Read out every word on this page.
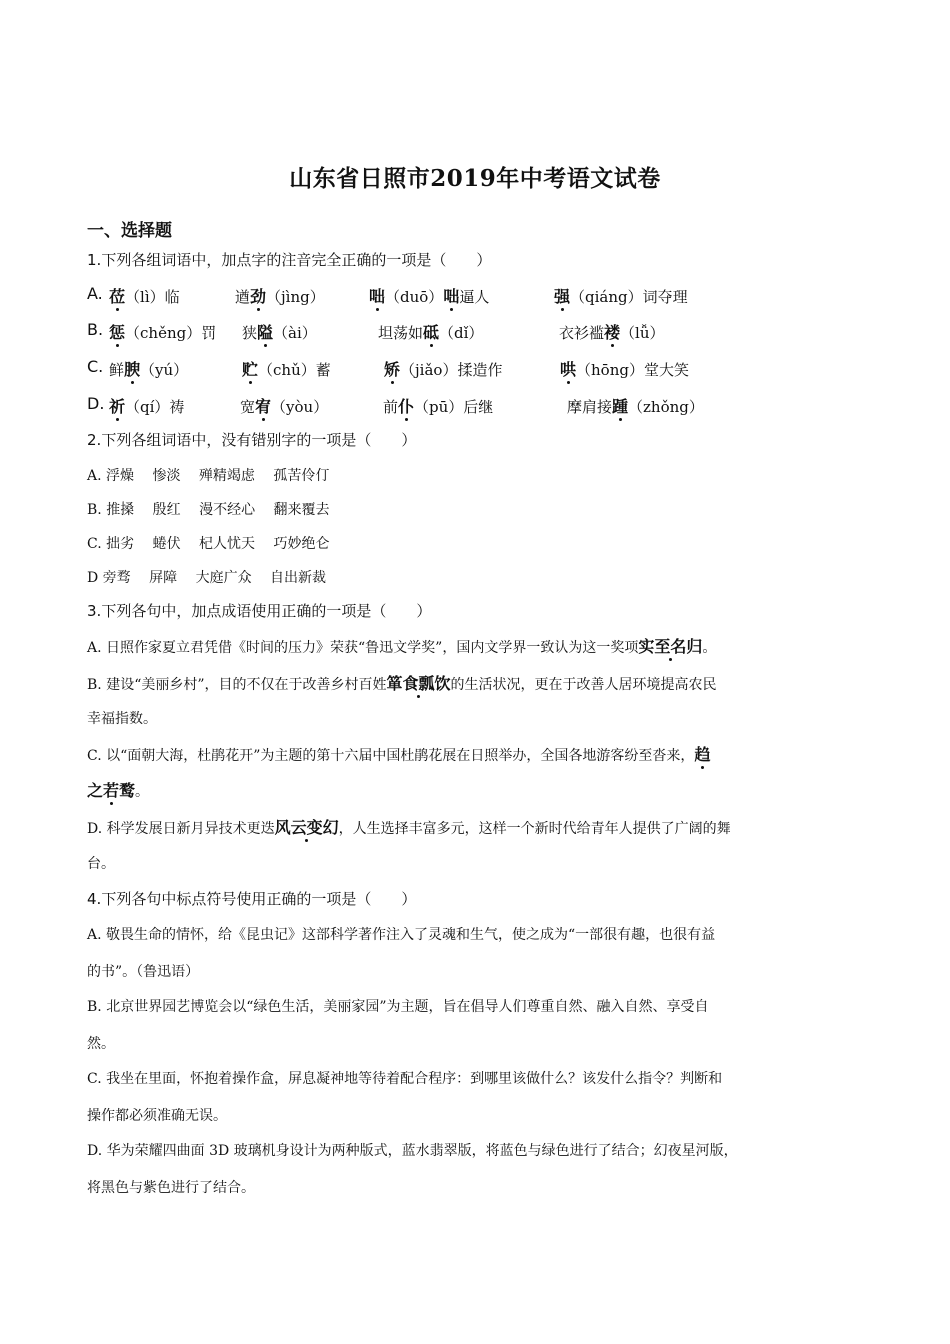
山东省日照市2019年中考语文试卷
一、选择题
1.下列各组词语中，加点字的注音完全正确的一项是（　　）
A. 莅（lì）临	遒劲（jìng）	咄（duō）咄逼人	强（qiáng）词夺理
B. 惩（chěng）罚 狭隘（ài）	坦荡如砥（dǐ）	衣衫褴褛（lǚ）
C. 鲜腴（yú）	贮（chǔ）蓄	矫（jiǎo）揉造作	哄（hōng）堂大笑
D. 祈（qí）祷	宽宥（yòu）	前仆（pū）后继	摩肩接踵（zhǒng）
2.下列各组词语中，没有错别字的一项是（　　）
A. 浮燥　 惨淡　 殚精竭虑　 孤苦伶仃
B. 推搡　 殷红　 漫不经心　 翻来覆去
C. 拙劣　 蜷伏　 杞人忧天　 巧妙绝仑
D 旁骛　 屏障　 大庭广众　 自出新裁
3.下列各句中，加点成语使用正确的一项是（　　）
A. 日照作家夏立君凭借《时间的压力》荣获“鲁迅文学奖”，国内文学界一致认为这一奖项实至名归。
B. 建设“美丽乡村”，目的不仅在于改善乡村百姓箪食瓢饮的生活状况，更在于改善人居环境提高农民
幸福指数。
C. 以“面朝大海，杜鹃花开”为主题的第十六届中国杜鹃花展在日照举办，全国各地游客纷至沓来，趋
之若鹜。
D. 科学发展日新月异技术更迭风云变幻，人生选择丰富多元，这样一个新时代给青年人提供了广阔的舞
台。
4.下列各句中标点符号使用正确的一项是（　　）
A. 敬畏生命的情怀，给《昆虫记》这部科学著作注入了灵魂和生气，使之成为“一部很有趣，也很有益
的书”。（鲁迅语）
B. 北京世界园艺博览会以“绿色生活，美丽家园”为主题，旨在倡导人们尊重自然、融入自然、享受自
然。
C. 我坐在里面，怀抱着操作盒，屏息凝神地等待着配合程序：到哪里该做什么？该发什么指令？判断和
操作都必须准确无误。
D. 华为荣耀四曲面 3D 玻璃机身设计为两种版式，蓝水翡翠版，将蓝色与绿色进行了结合；幻夜星河版，
将黑色与紫色进行了结合。
